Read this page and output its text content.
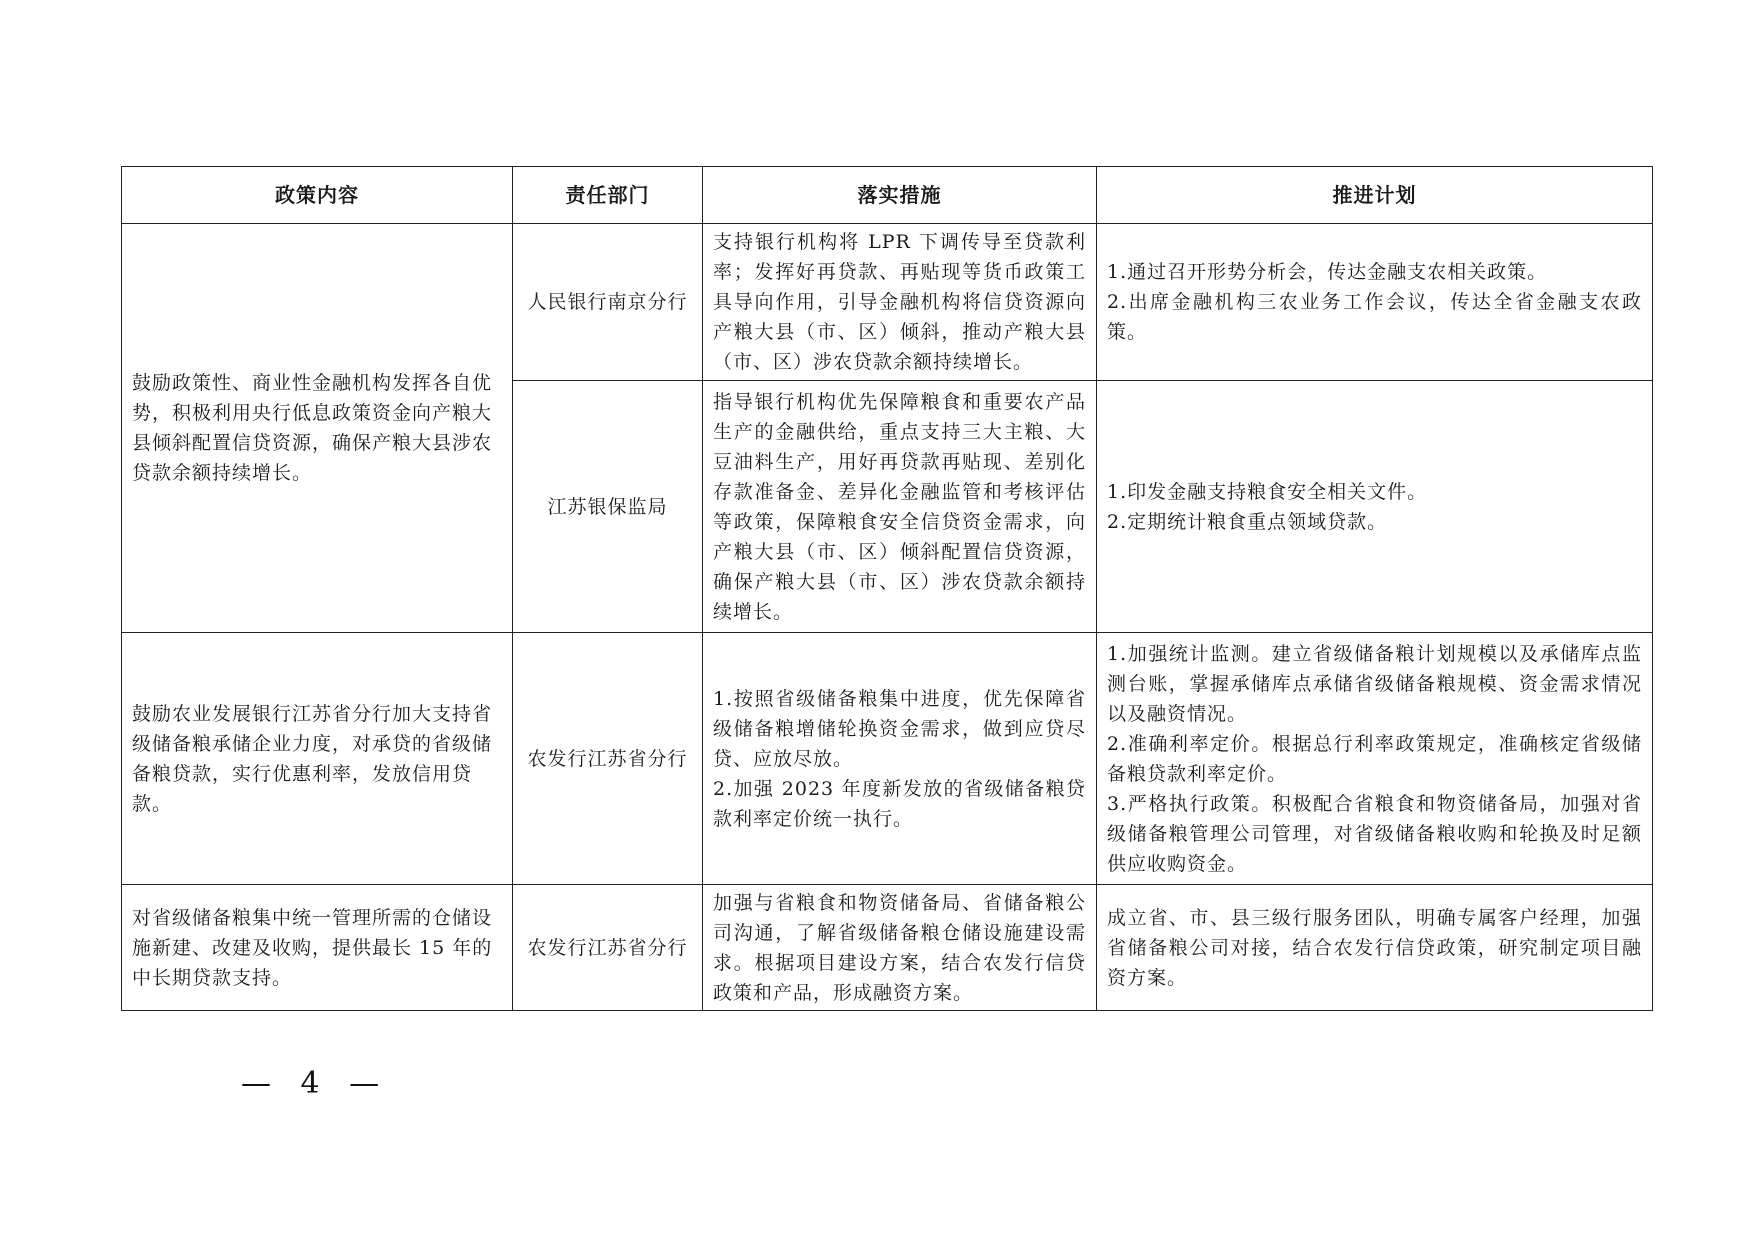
政策内容	责任部门	落实措施	推进计划
鼓励政策性、商业性金融机构发挥各自优势，积极利用央行低息政策资金向产粮大县倾斜配置信贷资源，确保产粮大县涉农贷款余额持续增长。	人民银行南京分行	支持银行机构将 LPR 下调传导至贷款利率；发挥好再贷款、再贴现等货币政策工具导向作用，引导金融机构将信贷资源向产粮大县（市、区）倾斜，推动产粮大县（市、区）涉农贷款余额持续增长。	1.通过召开形势分析会，传达金融支农相关政策。
2.出席金融机构三农业务工作会议，传达全省金融支农政策。

	江苏银保监局	指导银行机构优先保障粮食和重要农产品生产的金融供给，重点支持三大主粮、大豆油料生产，用好再贷款再贴现、差别化存款准备金、差异化金融监管和考核评估等政策，保障粮食安全信贷资金需求，向产粮大县（市、区）倾斜配置信贷资源，确保产粮大县（市、区）涉农贷款余额持续增长。	1.印发金融支持粮食安全相关文件。
2.定期统计粮食重点领域贷款。

鼓励农业发展银行江苏省分行加大支持省级储备粮承储企业力度，对承贷的省级储备粮贷款，实行优惠利率，发放信用贷款。	农发行江苏省分行	1.按照省级储备粮集中进度，优先保障省级储备粮增储轮换资金需求，做到应贷尽贷、应放尽放。
2.加强 2023 年度新发放的省级储备粮贷款利率定价统一执行。	1.加强统计监测。建立省级储备粮计划规模以及承储库点监测台账，掌握承储库点承储省级储备粮规模、资金需求情况以及融资情况。
2.准确利率定价。根据总行利率政策规定，准确核定省级储备粮贷款利率定价。
3.严格执行政策。积极配合省粮食和物资储备局，加强对省级储备粮管理公司管理，对省级储备粮收购和轮换及时足额供应收购资金。

对省级储备粮集中统一管理所需的仓储设施新建、改建及收购，提供最长 15 年的中长期贷款支持。	农发行江苏省分行	加强与省粮食和物资储备局、省储备粮公司沟通，了解省级储备粮仓储设施建设需求。根据项目建设方案，结合农发行信贷政策和产品，形成融资方案。	成立省、市、县三级行服务团队，明确专属客户经理，加强省储备粮公司对接，结合农发行信贷政策，研究制定项目融资方案。
— 4 —
